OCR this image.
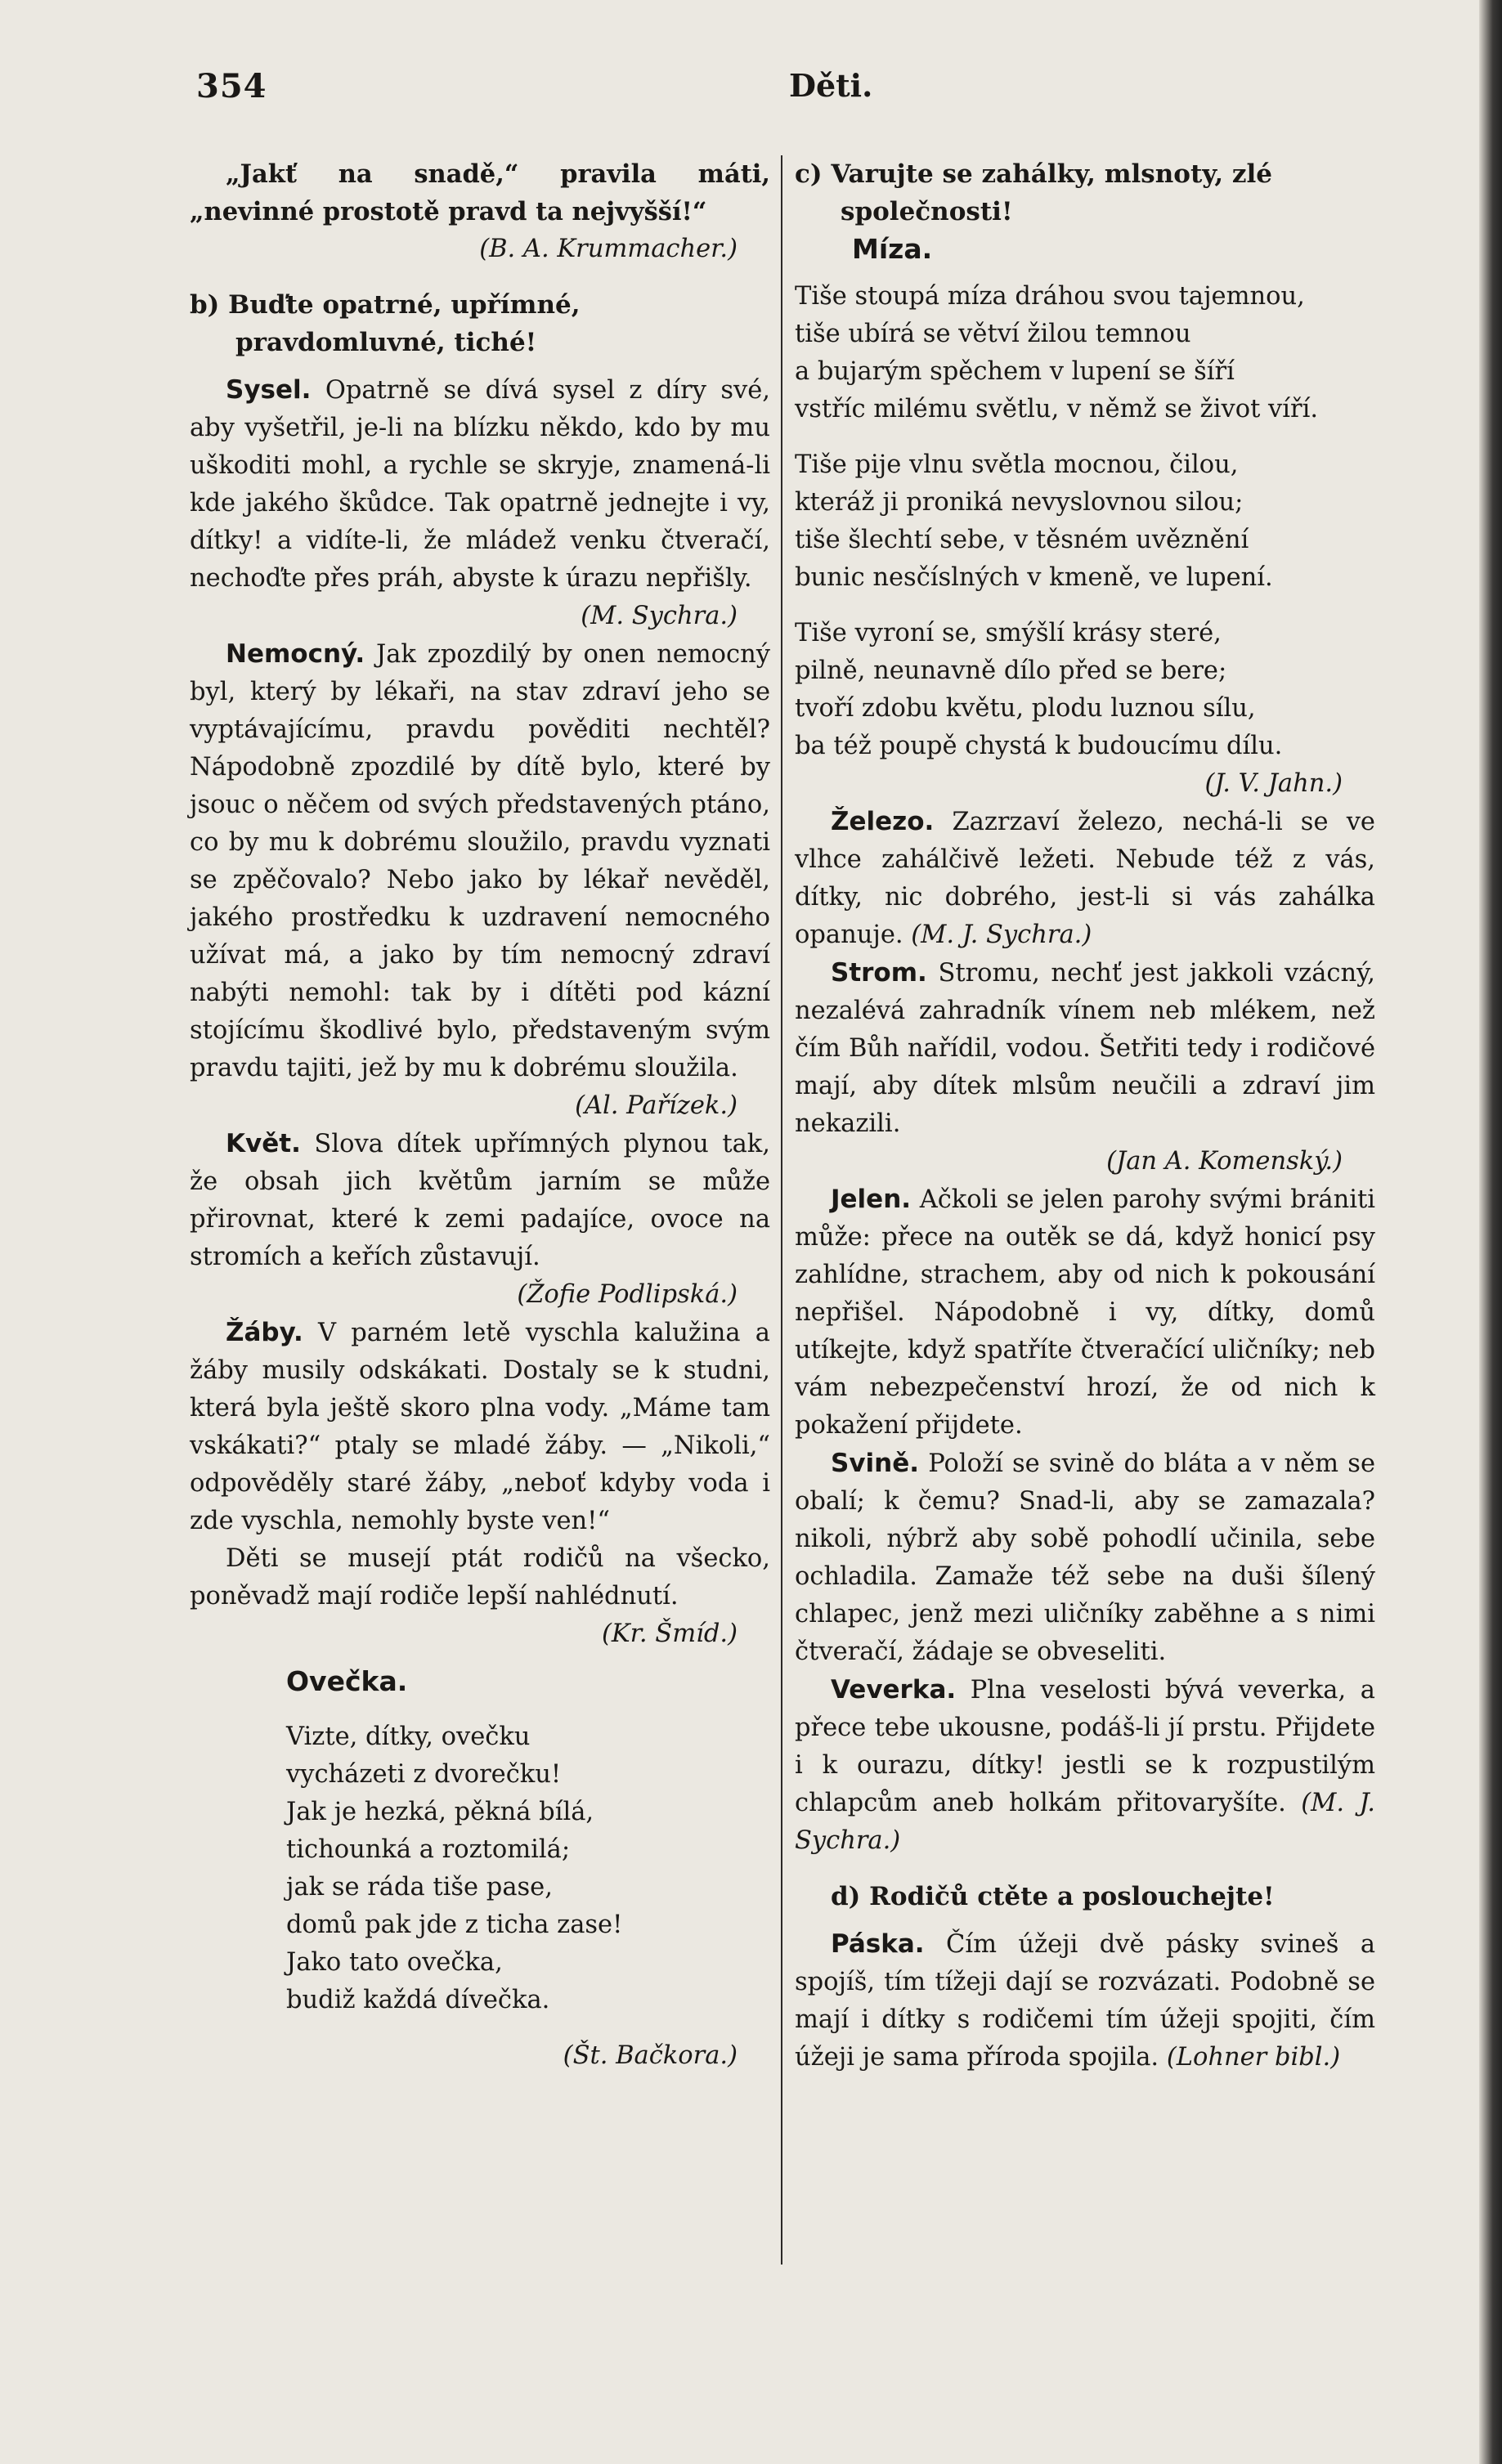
354	Děti.

„Jakť na snadě,“ pravila máti, „nevinné prostotě pravd ta nejvyšší!“

(B. A. Krummacher.)

b) Buďte opatrné, upřímné, pravdomluvné, tiché!

Sysel. Opatrně se dívá sysel z díry své, aby vyšetřil, je-li na blízku někdo, kdo by mu uškoditi mohl, a rychle se skryje, znamená-li kde jakého škůdce. Tak opatrně jednejte i vy, dítky! a vidíte-li, že mládež venku čtveračí, nechoďte přes práh, abyste k úrazu nepřišly.

(M. Sychra.)

Nemocný. Jak zpozdilý by onen nemocný byl, který by lékaři, na stav zdraví jeho se vyptávajícímu, pravdu pověditi nechtěl? Nápodobně zpozdilé by dítě bylo, které by jsouc o něčem od svých představených ptáno, co by mu k dobrému sloužilo, pravdu vyznati se zpěčovalo? Nebo jako by lékař nevěděl, jakého prostředku k uzdravení nemocného užívat má, a jako by tím nemocný zdraví nabýti nemohl: tak by i dítěti pod kázní stojícímu škodlivé bylo, představeným svým pravdu tajiti, jež by mu k dobrému sloužila.

(Al. Pařízek.)

Květ. Slova dítek upřímných plynou tak, že obsah jich květům jarním se může přirovnat, které k zemi padajíce, ovoce na stromích a keřích zůstavují.

(Žofie Podlipská.)

Žáby. V parném letě vyschla kalužina a žáby musily odskákati. Dostaly se k studni, která byla ještě skoro plna vody. „Máme tam vskákati?“ ptaly se mladé žáby. — „Nikoli,“ odpověděly staré žáby, „neboť kdyby voda i zde vyschla, nemohly byste ven!“

Děti se musejí ptát rodičů na všecko, poněvadž mají rodiče lepší nahlédnutí.

(Kr. Šmíd.)

Ovečka.

Vizte, dítky, ovečku

vycházeti z dvorečku!

Jak je hezká, pěkná bílá,

tichounká a roztomilá;

jak se ráda tiše pase,

domů pak jde z ticha zase!

Jako tato ovečka,

budiž každá dívečka.

(Št. Bačkora.)

c) Varujte se zahálky, mlsnoty, zlé společnosti!

Míza.

Tiše stoupá míza dráhou svou tajemnou,

tiše ubírá se větví žilou temnou

a bujarým spěchem v lupení se šíří

vstříc milému světlu, v němž se život víří.

Tiše pije vlnu světla mocnou, čilou,

kteráž ji proniká nevyslovnou silou;

tiše šlechtí sebe, v těsném uvěznění

bunic nesčíslných v kmeně, ve lupení.

Tiše vyroní se, smýšlí krásy steré,

pilně, neunavně dílo před se bere;

tvoří zdobu květu, plodu luznou sílu,

ba též poupě chystá k budoucímu dílu.

(J. V. Jahn.)

Železo. Zazrzaví železo, nechá-li se ve vlhce zahálčivě ležeti. Nebude též z vás, dítky, nic dobrého, jest-li si vás zahálka opanuje. (M. J. Sychra.)

Strom. Stromu, nechť jest jakkoli vzácný, nezalévá zahradník vínem neb mlékem, než čím Bůh nařídil, vodou. Šetřiti tedy i rodičové mají, aby dítek mlsům neučili a zdraví jim nekazili.

(Jan A. Komenský.)

Jelen. Ačkoli se jelen parohy svými brániti může: přece na outěk se dá, když honicí psy zahlídne, strachem, aby od nich k pokousání nepřišel. Nápodobně i vy, dítky, domů utíkejte, když spatříte čtveračící uličníky; neb vám nebezpečenství hrozí, že od nich k pokažení přijdete.

Svině. Položí se svině do bláta a v něm se obalí; k čemu? Snad-li, aby se zamazala? nikoli, nýbrž aby sobě pohodlí učinila, sebe ochladila. Zamaže též sebe na duši šílený chlapec, jenž mezi uličníky zaběhne a s nimi čtveračí, žádaje se obveseliti.

Veverka. Plna veselosti bývá veverka, a přece tebe ukousne, podáš-li jí prstu. Přijdete i k ourazu, dítky! jestli se k rozpustilým chlapcům aneb holkám přitovaryšíte. (M. J. Sychra.)

d) Rodičů ctěte a poslouchejte!

Páska. Čím úžeji dvě pásky svineš a spojíš, tím tížeji dají se rozvázati. Podobně se mají i dítky s rodičemi tím úžeji spojiti, čím úžeji je sama příroda spojila. (Lohner bibl.)
